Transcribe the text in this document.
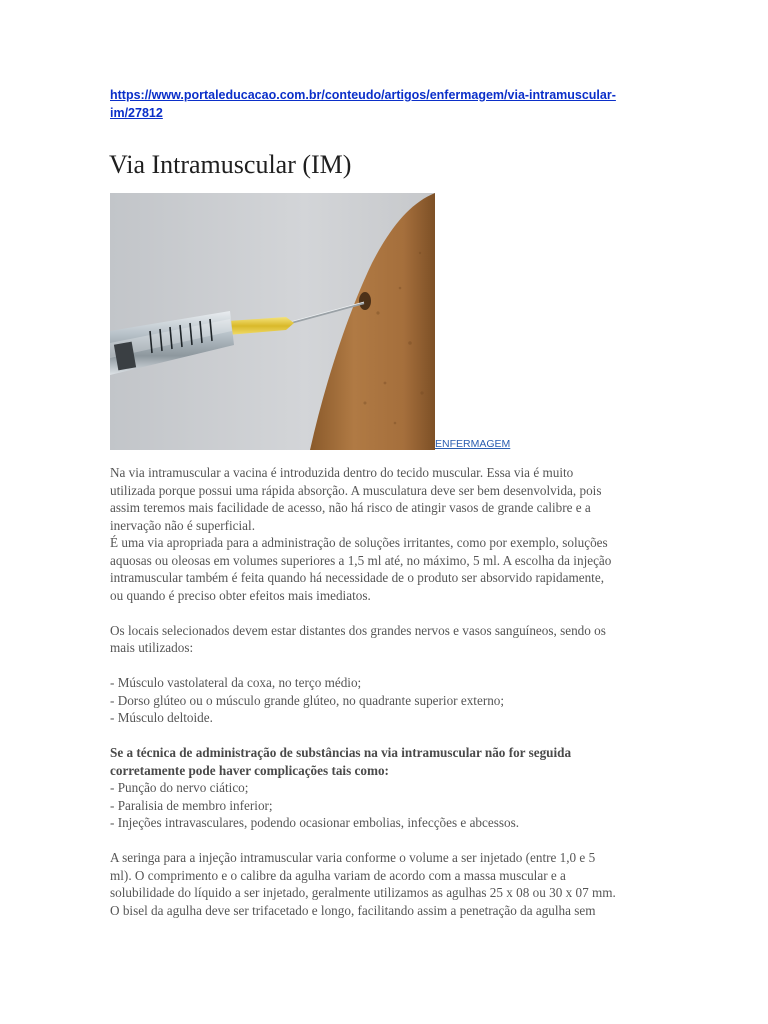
https://www.portaleducacao.com.br/conteudo/artigos/enfermagem/via-intramuscular-
im/27812
Via Intramuscular (IM)
ENFERMAGEM

Na via intramuscular a vacina é introduzida dentro do tecido muscular. Essa via é muito

utilizada porque possui uma rápida absorção. A musculatura deve ser bem desenvolvida, pois

assim teremos mais facilidade de acesso, não há risco de atingir vasos de grande calibre e a

inervação não é superficial.

É uma via apropriada para a administração de soluções irritantes, como por exemplo, soluções

aquosas ou oleosas em volumes superiores a 1,5 ml até, no máximo, 5 ml. A escolha da injeção

intramuscular também é feita quando há necessidade de o produto ser absorvido rapidamente,

ou quando é preciso obter efeitos mais imediatos.

Os locais selecionados devem estar distantes dos grandes nervos e vasos sanguíneos, sendo os

mais utilizados:

- Músculo vastolateral da coxa, no terço médio;

- Dorso glúteo ou o músculo grande glúteo, no quadrante superior externo;

- Músculo deltoide.

Se a técnica de administração de substâncias na via intramuscular não for seguida

corretamente pode haver complicações tais como:

- Punção do nervo ciático;

- Paralisia de membro inferior;

- Injeções intravasculares, podendo ocasionar embolias, infecções e abcessos.

A seringa para a injeção intramuscular varia conforme o volume a ser injetado (entre 1,0 e 5

ml). O comprimento e o calibre da agulha variam de acordo com a massa muscular e a

solubilidade do líquido a ser injetado, geralmente utilizamos as agulhas 25 x 08 ou 30 x 07 mm.

O bisel da agulha deve ser trifacetado e longo, facilitando assim a penetração da agulha sem
